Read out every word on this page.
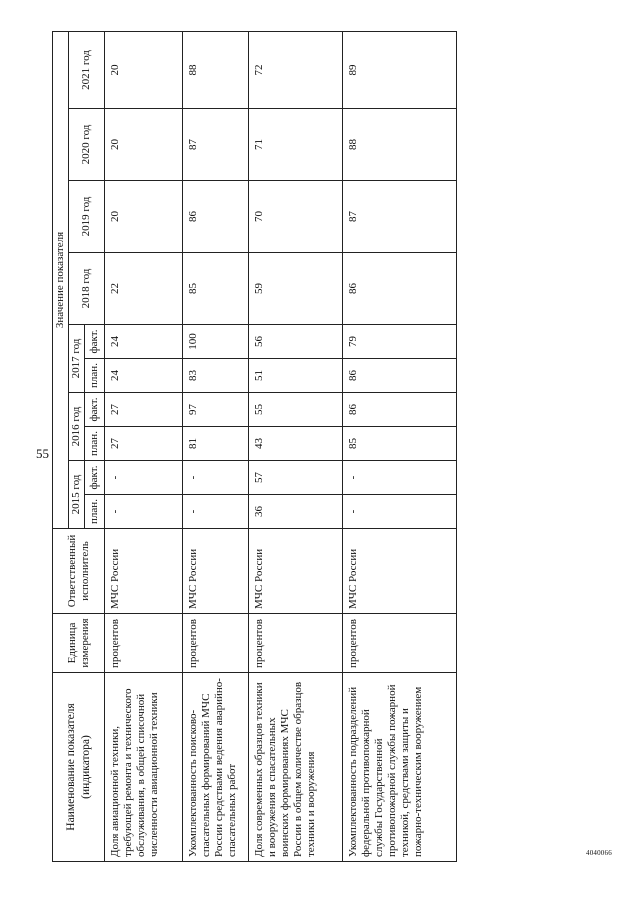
55
4040066
Наименование показателя (индикатора)	Единица измерения	Ответственный исполнитель	Значение показателя									
			2015 год		2016 год		2017 год		2018 год	2019 год	2020 год	2021 год
			план.	факт.	план.	факт.	план.	факт.				
Доля авиационной техники, требующей ремонта и технического обслуживания, в общей списочной численности авиационной техники	процентов	МЧС России	-	-	27	27	24	24	22	20	20	20
Укомплектованность поисково-спасательных формирований МЧС России средствами ведения аварийно-спасательных работ	процентов	МЧС России	-	-	81	97	83	100	85	86	87	88
Доля современных образцов техники и вооружения в спасательных воинских формированиях МЧС России в общем количестве образцов техники и вооружения	процентов	МЧС России	36	57	43	55	51	56	59	70	71	72
Укомплектованность подразделений федеральной противопожарной службы Государственной противопожарной службы пожарной техникой, средствами защиты и пожарно-техническим вооружением	процентов	МЧС России	-	-	85	86	86	79	86	87	88	89
